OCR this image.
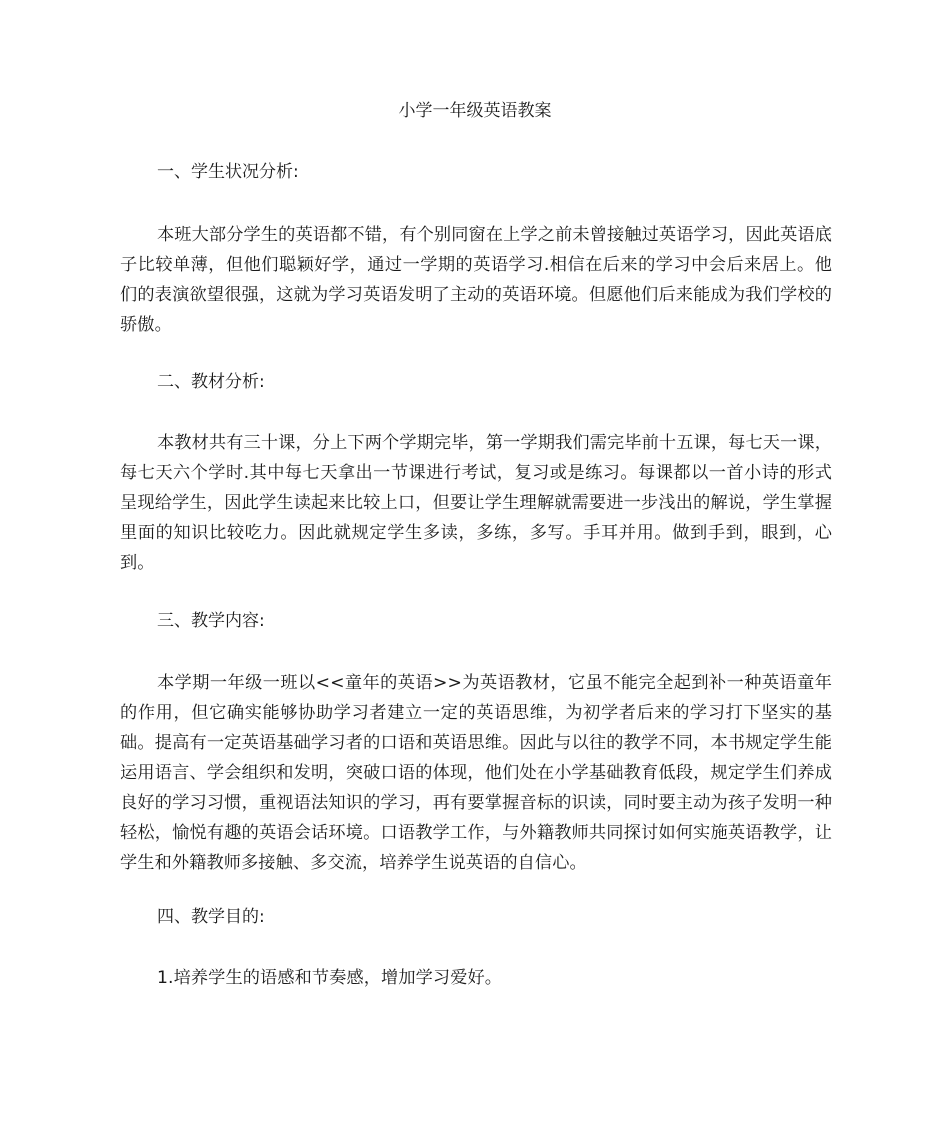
小学一年级英语教案
一、学生状况分析:

本班大部分学生的英语都不错，有个别同窗在上学之前未曾接触过英语学习，因此英语底子比较单薄，但他们聪颖好学，通过一学期的英语学习.相信在后来的学习中会后来居上。他们的表演欲望很强，这就为学习英语发明了主动的英语环境。但愿他们后来能成为我们学校的骄傲。

二、教材分析:

本教材共有三十课，分上下两个学期完毕，第一学期我们需完毕前十五课，每七天一课，每七天六个学时.其中每七天拿出一节课进行考试，复习或是练习。每课都以一首小诗的形式呈现给学生，因此学生读起来比较上口，但要让学生理解就需要进一步浅出的解说，学生掌握里面的知识比较吃力。因此就规定学生多读，多练，多写。手耳并用。做到手到，眼到，心到。

三、教学内容:

本学期一年级一班以<<童年的英语>>为英语教材，它虽不能完全起到补一种英语童年的作用，但它确实能够协助学习者建立一定的英语思维，为初学者后来的学习打下坚实的基础。提高有一定英语基础学习者的口语和英语思维。因此与以往的教学不同，本书规定学生能运用语言、学会组织和发明，突破口语的体现，他们处在小学基础教育低段，规定学生们养成良好的学习习惯，重视语法知识的学习，再有要掌握音标的识读，同时要主动为孩子发明一种轻松，愉悦有趣的英语会话环境。口语教学工作，与外籍教师共同探讨如何实施英语教学，让学生和外籍教师多接触、多交流，培养学生说英语的自信心。

四、教学目的:

1.培养学生的语感和节奏感，增加学习爱好。
